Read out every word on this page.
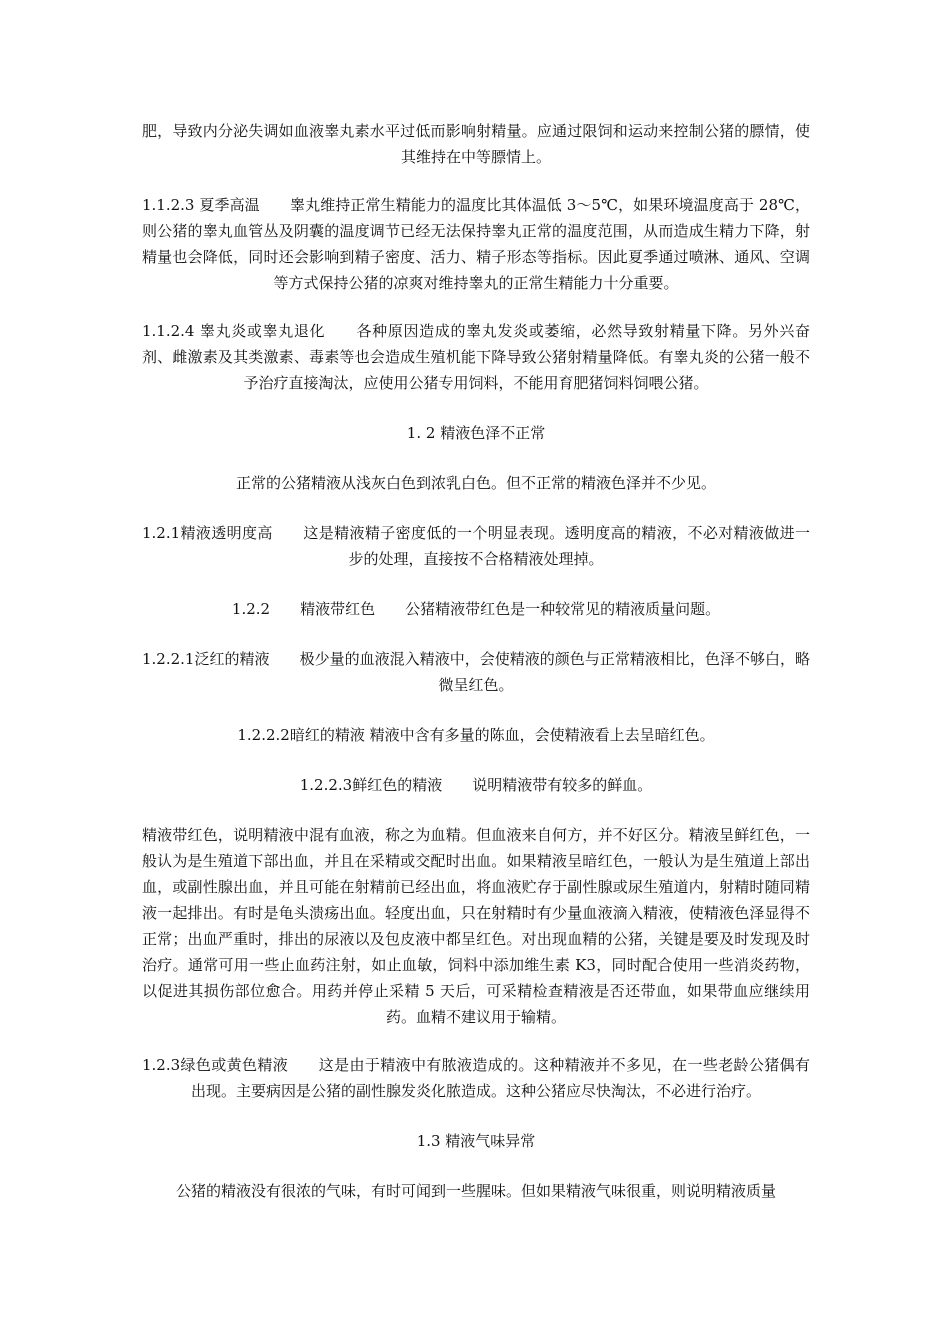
肥，导致内分泌失调如血液睾丸素水平过低而影响射精量。应通过限饲和运动来控制公猪的膘情，使其维持在中等膘情上。

1.1.2.3 夏季高温　　睾丸维持正常生精能力的温度比其体温低 3～5℃，如果环境温度高于 28℃，则公猪的睾丸血管丛及阴囊的温度调节已经无法保持睾丸正常的温度范围，从而造成生精力下降，射精量也会降低，同时还会影响到精子密度、活力、精子形态等指标。因此夏季通过喷淋、通风、空调等方式保持公猪的凉爽对维持睾丸的正常生精能力十分重要。

1.1.2.4 睾丸炎或睾丸退化　　各种原因造成的睾丸发炎或萎缩，必然导致射精量下降。另外兴奋剂、雌激素及其类激素、毒素等也会造成生殖机能下降导致公猪射精量降低。有睾丸炎的公猪一般不予治疗直接淘汰，应使用公猪专用饲料，不能用育肥猪饲料饲喂公猪。

1. 2 精液色泽不正常

正常的公猪精液从浅灰白色到浓乳白色。但不正常的精液色泽并不少见。

1.2.1精液透明度高　　这是精液精子密度低的一个明显表现。透明度高的精液，不必对精液做进一步的处理，直接按不合格精液处理掉。

1.2.2　　精液带红色　　公猪精液带红色是一种较常见的精液质量问题。

1.2.2.1泛红的精液　　极少量的血液混入精液中，会使精液的颜色与正常精液相比，色泽不够白，略微呈红色。

1.2.2.2暗红的精液 精液中含有多量的陈血，会使精液看上去呈暗红色。

1.2.2.3鲜红色的精液　　说明精液带有较多的鲜血。

精液带红色，说明精液中混有血液，称之为血精。但血液来自何方，并不好区分。精液呈鲜红色，一般认为是生殖道下部出血，并且在采精或交配时出血。如果精液呈暗红色，一般认为是生殖道上部出血，或副性腺出血，并且可能在射精前已经出血，将血液贮存于副性腺或尿生殖道内，射精时随同精液一起排出。有时是龟头溃疡出血。轻度出血，只在射精时有少量血液滴入精液，使精液色泽显得不正常；出血严重时，排出的尿液以及包皮液中都呈红色。对出现血精的公猪，关键是要及时发现及时治疗。通常可用一些止血药注射，如止血敏，饲料中添加维生素 K3，同时配合使用一些消炎药物，以促进其损伤部位愈合。用药并停止采精 5 天后，可采精检查精液是否还带血，如果带血应继续用药。血精不建议用于输精。

1.2.3绿色或黄色精液　　这是由于精液中有脓液造成的。这种精液并不多见，在一些老龄公猪偶有出现。主要病因是公猪的副性腺发炎化脓造成。这种公猪应尽快淘汰，不必进行治疗。

1.3 精液气味异常

公猪的精液没有很浓的气味，有时可闻到一些腥味。但如果精液气味很重，则说明精液质量
